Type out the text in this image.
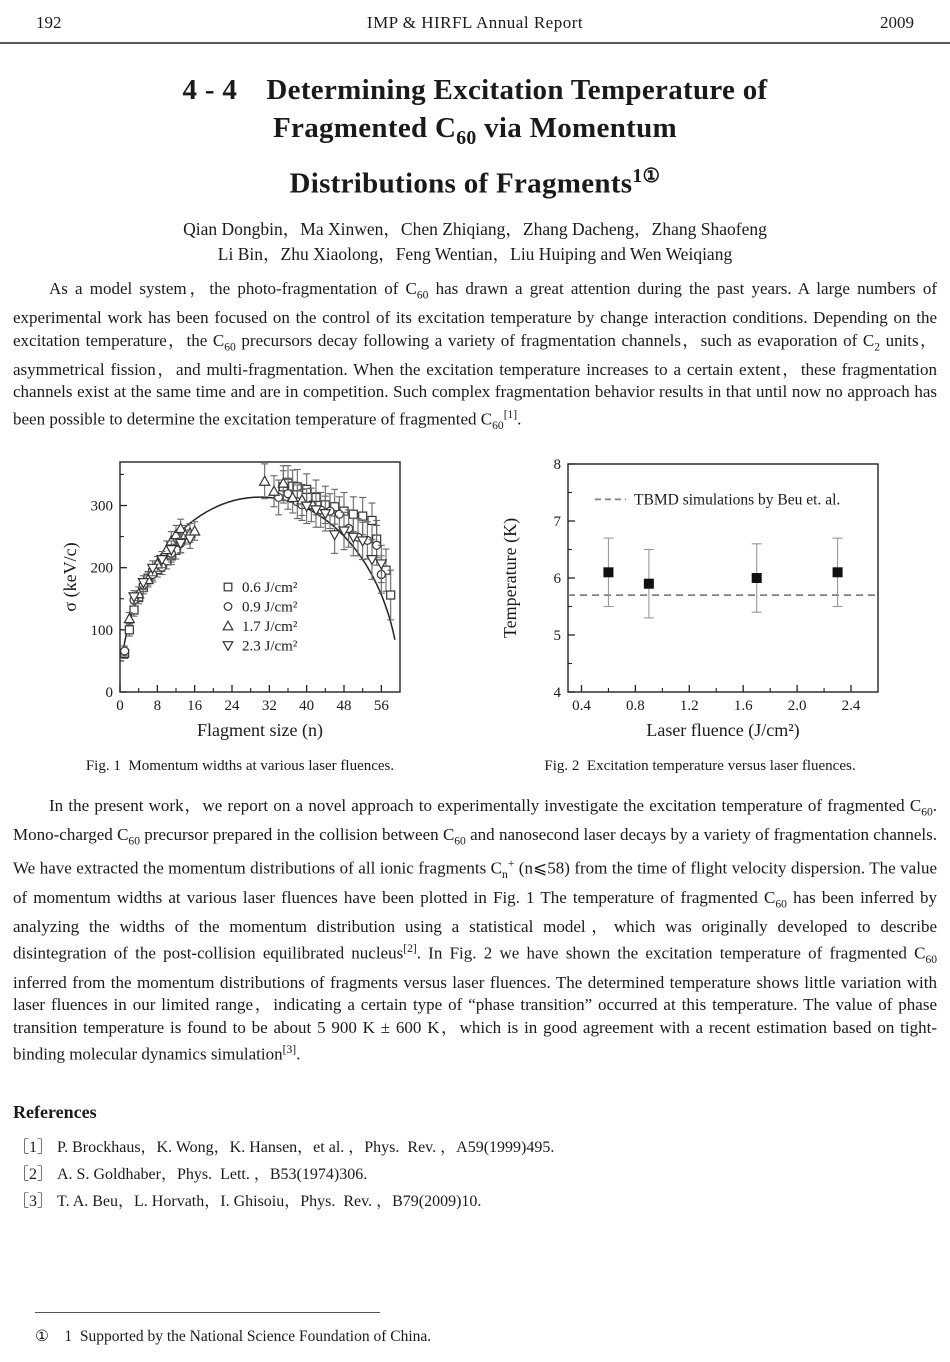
192	IMP & HIRFL Annual Report	2009
4 - 4　Determining Excitation Temperature of
Fragmented $C_{60}$ via Momentum
Distributions of Fragments$^{1①}$
Qian Dongbin，Ma Xinwen，Chen Zhiqiang，Zhang Dacheng，Zhang Shaofeng
Li Bin，Zhu Xiaolong，Feng Wentian，Liu Huiping and Wen Weiqiang

As a model system，the photo-fragmentation of $C_{60}$ has drawn a great attention during the past years. A large numbers of experimental work has been focused on the control of its excitation temperature by change interaction conditions. Depending on the excitation temperature，the $C_{60}$ precursors decay following a variety of fragmentation channels，such as evaporation of $C_2$ units，asymmetrical fission，and multi-fragmentation. When the excitation temperature increases to a certain extent，these fragmentation channels exist at the same time and are in competition. Such complex fragmentation behavior results in that until now no approach has been possible to determine the excitation temperature of fragmented $C_{60}[1]$.

0 8 16 24 32 40 48 56
0
100
200
300
0.6 J/cm²
0.9 J/cm²
1.7 J/cm²
2.3 J/cm²
Flagment size (n)
σ (keV/c)
0.4 0.8 1.2 1.6 2.0 2.4
4
5
6
7
8
TBMD simulations by Beu et. al.
Laser fluence (J/cm²)
Temperature (K)
Fig. 1  Momentum widths at various laser fluences.	Fig. 2  Excitation temperature versus laser fluences.

In the present work，we report on a novel approach to experimentally investigate the excitation temperature of fragmented $C_{60}$. Mono-charged $C_{60}$ precursor prepared in the collision between $C_{60}$ and nanosecond laser decays by a variety of fragmentation channels. We have extracted the momentum distributions of all ionic fragments $C_n^+$ (n⩽58) from the time of flight velocity dispersion. The value of momentum widths at various laser fluences have been plotted in Fig. 1 The temperature of fragmented $C_{60}$ has been inferred by analyzing the widths of the momentum distribution using a statistical model，which was originally developed to describe disintegration of the post-collision equilibrated nucleus[2]. In Fig. 2 we have shown the excitation temperature of fragmented $C_{60}$ inferred from the momentum distributions of fragments versus laser fluences. The determined temperature shows little variation with laser fluences in our limited range，indicating a certain type of “phase transition” occurred at this temperature. The value of phase transition temperature is found to be about 5 900 K ± 600 K，which is in good agreement with a recent estimation based on tight-binding molecular dynamics simulation[3].

References
［1］ P. Brockhaus，K. Wong，K. Hansen，et al. ，Phys.  Rev. ，A59(1999)495.
［2］ A. S. Goldhaber，Phys.  Lett. ，B53(1974)306.
［3］ T. A. Beu，L. Horvath，I. Ghisoiu，Phys.  Rev. ，B79(2009)10.
①    1  Supported by the National Science Foundation of China.
